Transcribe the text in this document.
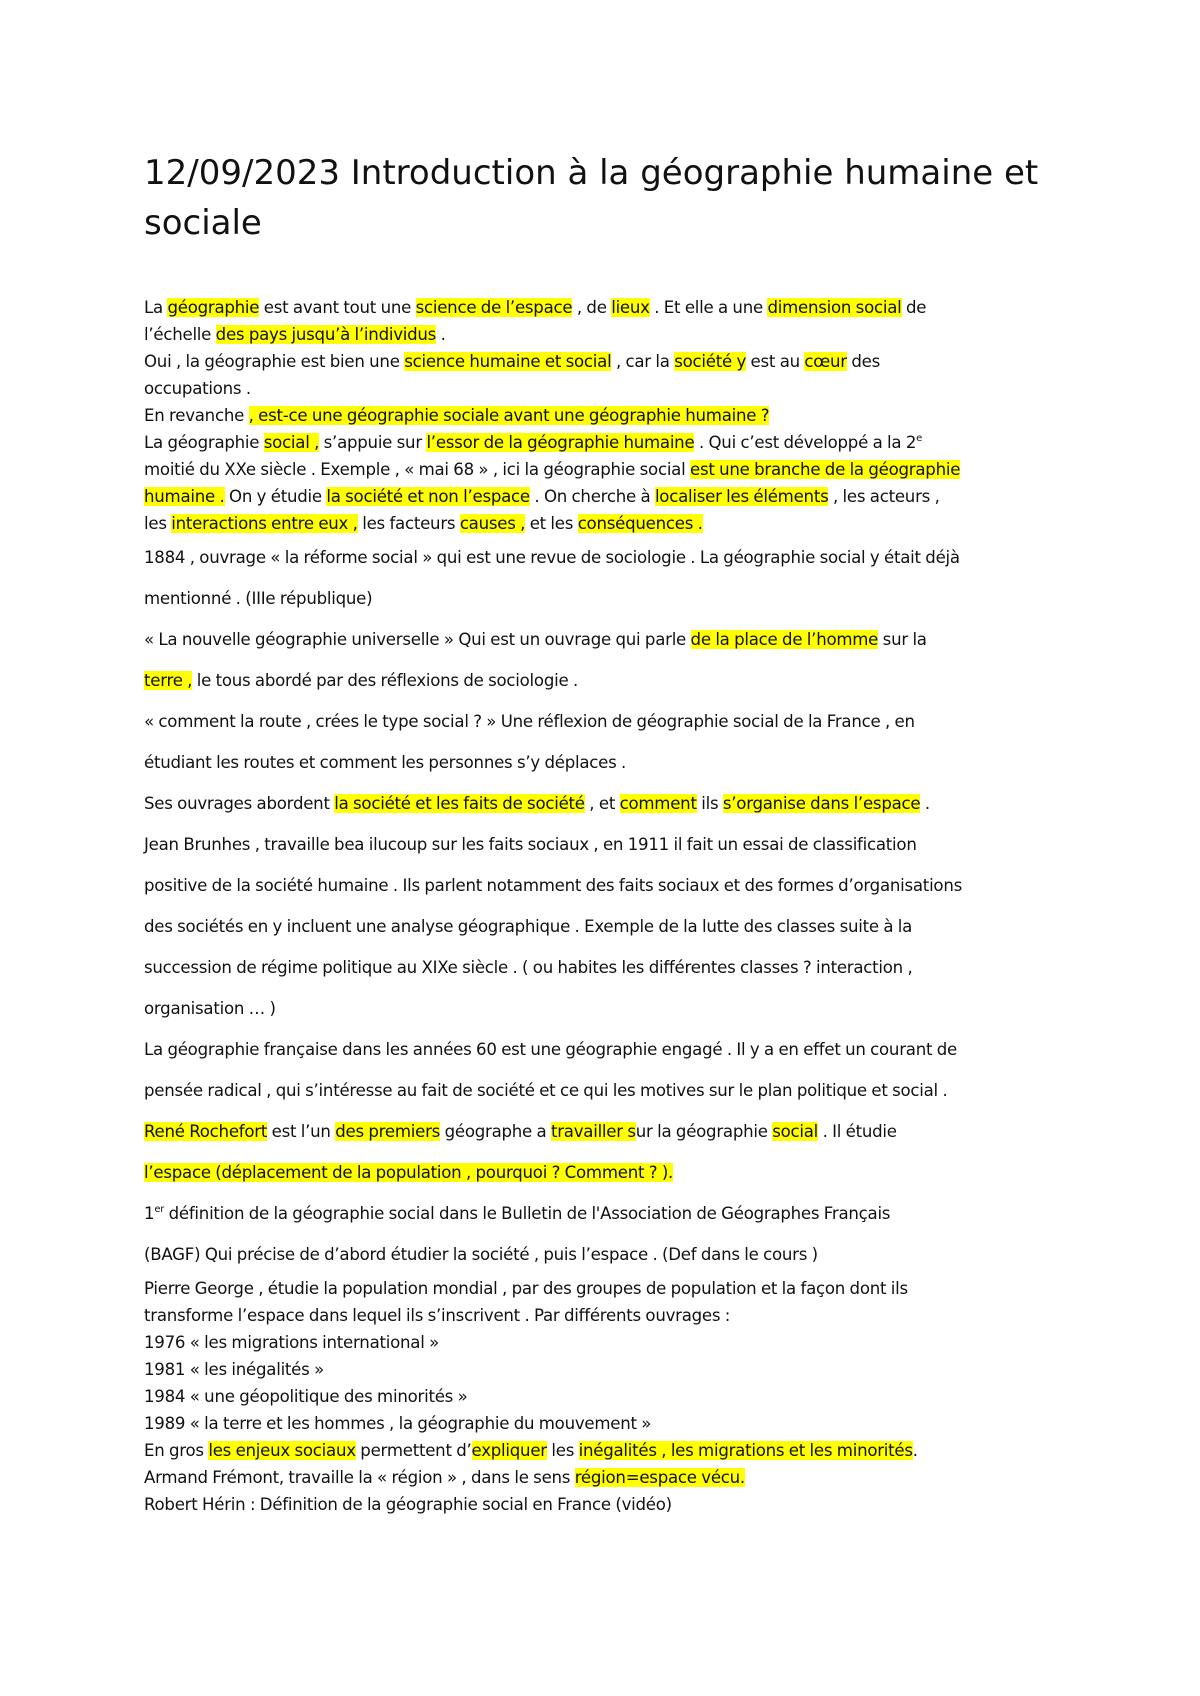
12/09/2023 Introduction à la géographie humaine et
sociale

La géographie est avant tout une science de l’espace , de lieux . Et elle a une dimension social de

l’échelle des pays jusqu’à l’individus .

Oui , la géographie est bien une science humaine et social , car la société y est au cœur des

occupations .

En revanche , est-ce une géographie sociale avant une géographie humaine ?

La géographie social , s’appuie sur l’essor de la géographie humaine . Qui c’est développé a la 2e

moitié du XXe siècle . Exemple , « mai 68 » , ici la géographie social est une branche de la géographie

humaine . On y étudie la société et non l’espace . On cherche à localiser les éléments , les acteurs ,

les interactions entre eux , les facteurs causes , et les conséquences .

1884 , ouvrage « la réforme social » qui est une revue de sociologie . La géographie social y était déjà

mentionné . (IIIe république)

« La nouvelle géographie universelle » Qui est un ouvrage qui parle de la place de l’homme sur la

terre , le tous abordé par des réflexions de sociologie .

« comment la route , crées le type social ? » Une réflexion de géographie social de la France , en

étudiant les routes et comment les personnes s’y déplaces .

Ses ouvrages abordent la société et les faits de société , et comment ils s’organise dans l’espace .

Jean Brunhes , travaille bea ilucoup sur les faits sociaux , en 1911 il fait un essai de classification

positive de la société humaine . Ils parlent notamment des faits sociaux et des formes d’organisations

des sociétés en y incluent une analyse géographique . Exemple de la lutte des classes suite à la

succession de régime politique au XIXe siècle . ( ou habites les différentes classes ? interaction ,

organisation … )

La géographie française dans les années 60 est une géographie engagé . Il y a en effet un courant de

pensée radical , qui s’intéresse au fait de société et ce qui les motives sur le plan politique et social .

René Rochefort est l’un des premiers géographe a travailler sur la géographie social . Il étudie

l’espace (déplacement de la population , pourquoi ? Comment ? ).

1er définition de la géographie social dans le Bulletin de l'Association de Géographes Français

(BAGF) Qui précise de d’abord étudier la société , puis l’espace . (Def dans le cours )

Pierre George , étudie la population mondial , par des groupes de population et la façon dont ils

transforme l’espace dans lequel ils s’inscrivent . Par différents ouvrages :

1976 « les migrations international »

1981 « les inégalités »

1984 « une géopolitique des minorités »

1989 « la terre et les hommes , la géographie du mouvement »

En gros les enjeux sociaux permettent d’expliquer les inégalités , les migrations et les minorités.

Armand Frémont, travaille la « région » , dans le sens région=espace vécu.

Robert Hérin : Définition de la géographie social en France (vidéo)
